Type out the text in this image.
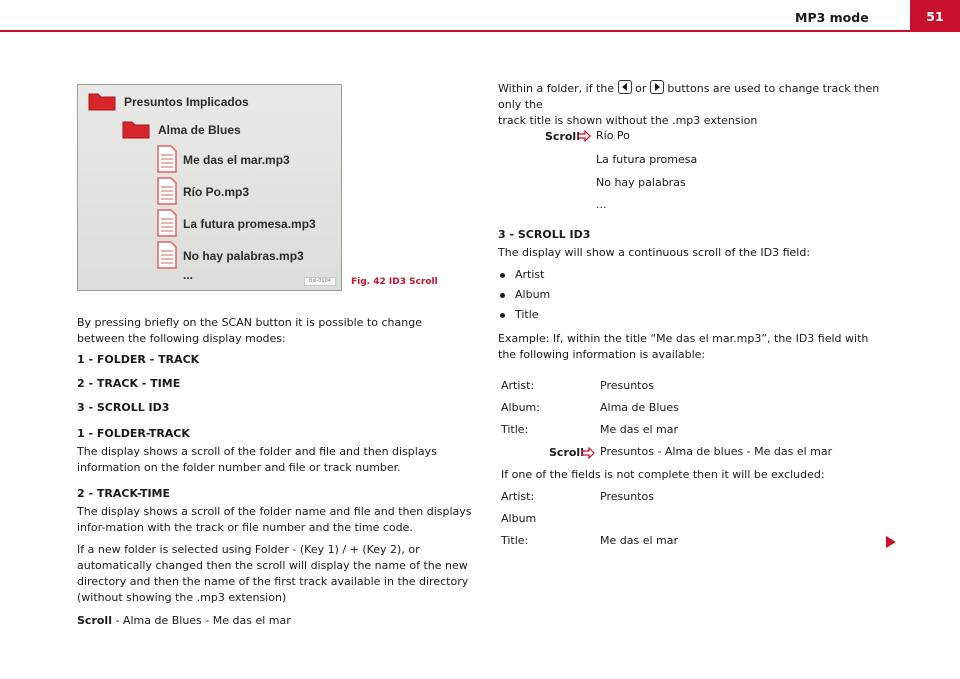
MP3 mode	51
Presuntos Implicados
Alma de Blues
Me das el mar.mp3
Río Po.mp3
La futura promesa.mp3
No hay palabras.mp3
...	Bsl-0104	Fig. 42 ID3 Scroll
By pressing briefly on the SCAN button it is possible to change between the following display modes:
1 - FOLDER - TRACK
2 - TRACK - TIME
3 - SCROLL ID3
1 - FOLDER-TRACK
The display shows a scroll of the folder and file and then displays information on the folder number and file or track number.
2 - TRACK-TIME
The display shows a scroll of the folder name and file and then displays infor-mation with the track or file number and the time code.
If a new folder is selected using Folder - (Key 1) / + (Key 2), or automatically changed then the scroll will display the name of the new directory and then the name of the first track available in the directory (without showing the .mp3 extension)
Scroll - Alma de Blues - Me das el mar
Within a folder, if the or buttons are used to change track then only the
track title is shown without the .mp3 extension
Scroll Río Po
La futura promesa
No hay palabras
...
3 - SCROLL ID3
The display will show a continuous scroll of the ID3 field:
Artist
Album
Title
Example: If, within the title “Me das el mar.mp3”, the ID3 field with the following information is available:
Artist:	Presuntos
Album:	Alma de Blues
Title:	Me das el mar
Scroll Presuntos - Alma de blues - Me das el mar
If one of the fields is not complete then it will be excluded:
Artist:	Presuntos
Album
Title:	Me das el mar
